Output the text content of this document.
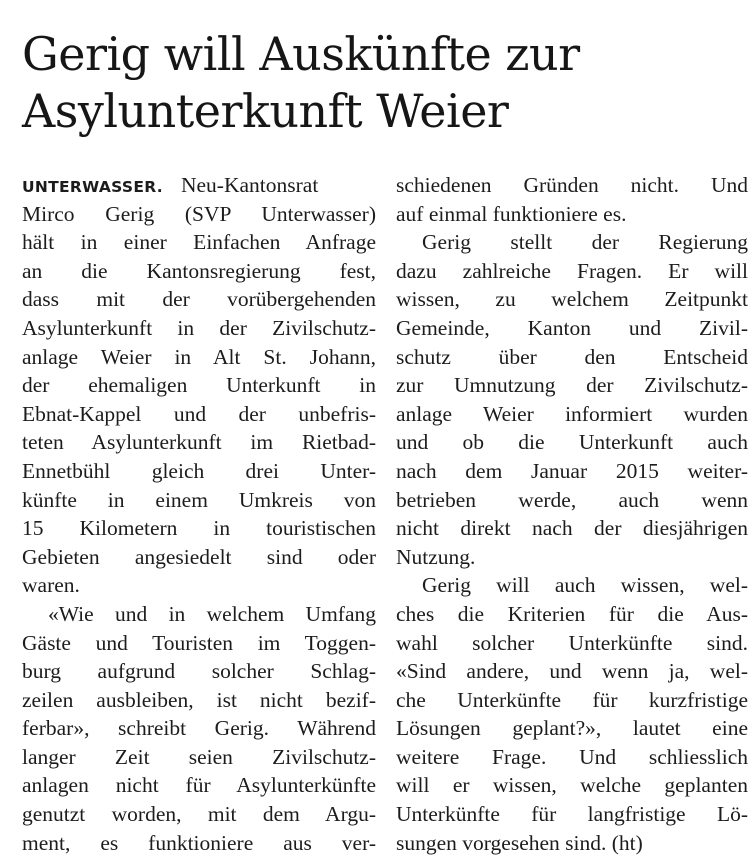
Gerig will Auskünfte zur
Asylunterkunft Weier
UNTERWASSER. Neu-Kantonsrat
Mirco Gerig (SVP Unterwasser)
hält in einer Einfachen Anfrage
an die Kantonsregierung fest,
dass mit der vorübergehenden
Asylunterkunft in der Zivilschutz-
anlage Weier in Alt St. Johann,
der ehemaligen Unterkunft in
Ebnat-Kappel und der unbefris-
teten Asylunterkunft im Rietbad-
Ennetbühl gleich drei Unter-
künfte in einem Umkreis von
15 Kilometern in touristischen
Gebieten angesiedelt sind oder
waren.
«Wie und in welchem Umfang
Gäste und Touristen im Toggen-
burg aufgrund solcher Schlag-
zeilen ausbleiben, ist nicht bezif-
ferbar», schreibt Gerig. Während
langer Zeit seien Zivilschutz-
anlagen nicht für Asylunterkünfte
genutzt worden, mit dem Argu-
ment, es funktioniere aus ver-
schiedenen Gründen nicht. Und
auf einmal funktioniere es.
Gerig stellt der Regierung
dazu zahlreiche Fragen. Er will
wissen, zu welchem Zeitpunkt
Gemeinde, Kanton und Zivil-
schutz über den Entscheid
zur Umnutzung der Zivilschutz-
anlage Weier informiert wurden
und ob die Unterkunft auch
nach dem Januar 2015 weiter-
betrieben werde, auch wenn
nicht direkt nach der diesjährigen
Nutzung.
Gerig will auch wissen, wel-
ches die Kriterien für die Aus-
wahl solcher Unterkünfte sind.
«Sind andere, und wenn ja, wel-
che Unterkünfte für kurzfristige
Lösungen geplant?», lautet eine
weitere Frage. Und schliesslich
will er wissen, welche geplanten
Unterkünfte für langfristige Lö-
sungen vorgesehen sind. (ht)
